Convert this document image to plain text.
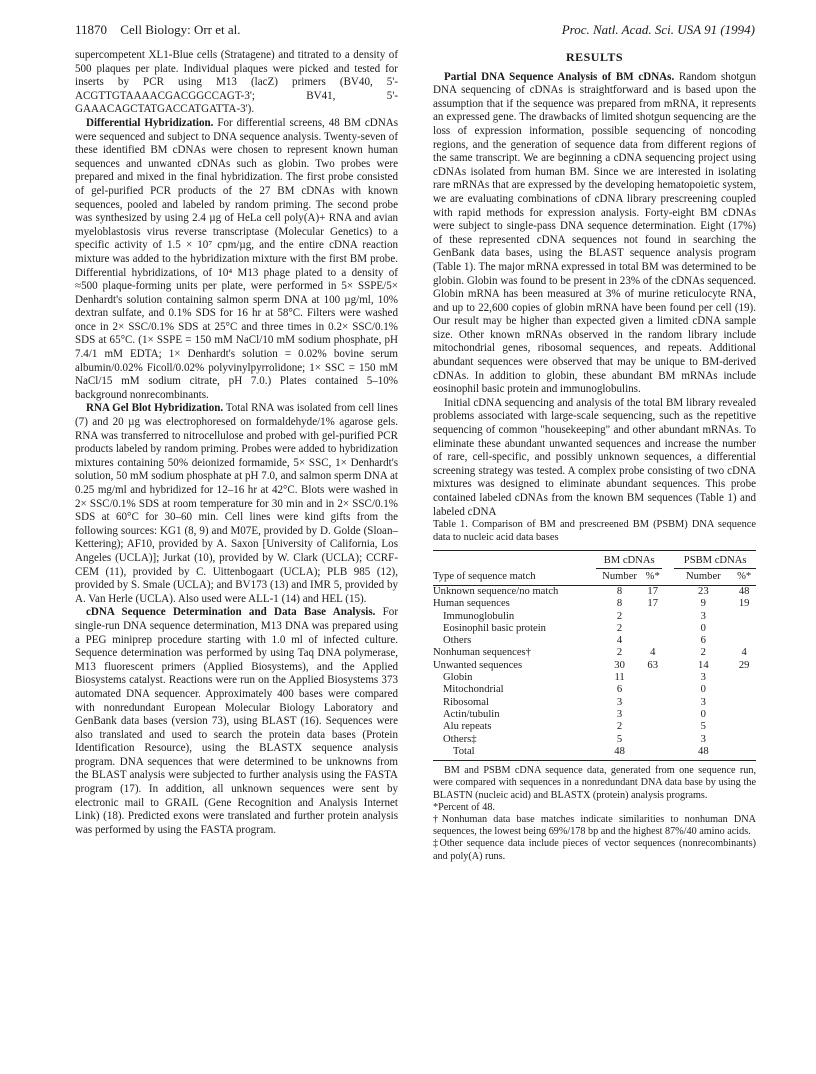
11870 Cell Biology: Orr et al.	Proc. Natl. Acad. Sci. USA 91 (1994)

supercompetent XL1-Blue cells (Stratagene) and titrated to a density of 500 plaques per plate. Individual plaques were picked and tested for inserts by PCR using M13 (lacZ) primers (BV40, 5'-ACGTTGTAAAACGACGGCCAGT-3'; BV41, 5'-GAAACAGCTATGACCATGATTA-3').

Differential Hybridization. For differential screens, 48 BM cDNAs were sequenced and subject to DNA sequence analysis. Twenty-seven of these identified BM cDNAs were chosen to represent known human sequences and unwanted cDNAs such as globin. Two probes were prepared and mixed in the final hybridization. The first probe consisted of gel-purified PCR products of the 27 BM cDNAs with known sequences, pooled and labeled by random priming. The second probe was synthesized by using 2.4 µg of HeLa cell poly(A)+ RNA and avian myeloblastosis virus reverse transcriptase (Molecular Genetics) to a specific activity of 1.5 × 10⁷ cpm/µg, and the entire cDNA reaction mixture was added to the hybridization mixture with the first BM probe. Differential hybridizations, of 10⁴ M13 phage plated to a density of ≈500 plaque-forming units per plate, were performed in 5× SSPE/5× Denhardt's solution containing salmon sperm DNA at 100 µg/ml, 10% dextran sulfate, and 0.1% SDS for 16 hr at 58°C. Filters were washed once in 2× SSC/0.1% SDS at 25°C and three times in 0.2× SSC/0.1% SDS at 65°C. (1× SSPE = 150 mM NaCl/10 mM sodium phosphate, pH 7.4/1 mM EDTA; 1× Denhardt's solution = 0.02% bovine serum albumin/0.02% Ficoll/0.02% polyvinylpyrrolidone; 1× SSC = 150 mM NaCl/15 mM sodium citrate, pH 7.0.) Plates contained 5–10% background nonrecombinants.

RNA Gel Blot Hybridization. Total RNA was isolated from cell lines (7) and 20 µg was electrophoresed on formaldehyde/1% agarose gels. RNA was transferred to nitrocellulose and probed with gel-purified PCR products labeled by random priming. Probes were added to hybridization mixtures containing 50% deionized formamide, 5× SSC, 1× Denhardt's solution, 50 mM sodium phosphate at pH 7.0, and salmon sperm DNA at 0.25 mg/ml and hybridized for 12–16 hr at 42°C. Blots were washed in 2× SSC/0.1% SDS at room temperature for 30 min and in 2× SSC/0.1% SDS at 60°C for 30–60 min. Cell lines were kind gifts from the following sources: KG1 (8, 9) and M07E, provided by D. Golde (Sloan–Kettering); AF10, provided by A. Saxon [University of California, Los Angeles (UCLA)]; Jurkat (10), provided by W. Clark (UCLA); CCRF-CEM (11), provided by C. Uittenbogaart (UCLA); PLB 985 (12), provided by S. Smale (UCLA); and BV173 (13) and IMR 5, provided by A. Van Herle (UCLA). Also used were ALL-1 (14) and HEL (15).

cDNA Sequence Determination and Data Base Analysis. For single-run DNA sequence determination, M13 DNA was prepared using a PEG miniprep procedure starting with 1.0 ml of infected culture. Sequence determination was performed by using Taq DNA polymerase, M13 fluorescent primers (Applied Biosystems), and the Applied Biosystems catalyst. Reactions were run on the Applied Biosystems 373 automated DNA sequencer. Approximately 400 bases were compared with nonredundant European Molecular Biology Laboratory and GenBank data bases (version 73), using BLAST (16). Sequences were also translated and used to search the protein data bases (Protein Identification Resource), using the BLASTX sequence analysis program. DNA sequences that were determined to be unknowns from the BLAST analysis were subjected to further analysis using the FASTA program (17). In addition, all unknown sequences were sent by electronic mail to GRAIL (Gene Recognition and Analysis Internet Link) (18). Predicted exons were translated and further protein analysis was performed by using the FASTA program.

RESULTS

Partial DNA Sequence Analysis of BM cDNAs. Random shotgun DNA sequencing of cDNAs is straightforward and is based upon the assumption that if the sequence was prepared from mRNA, it represents an expressed gene. The drawbacks of limited shotgun sequencing are the loss of expression information, possible sequencing of noncoding regions, and the generation of sequence data from different regions of the same transcript. We are beginning a cDNA sequencing project using cDNAs isolated from human BM. Since we are interested in isolating rare mRNAs that are expressed by the developing hematopoietic system, we are evaluating combinations of cDNA library prescreening coupled with rapid methods for expression analysis. Forty-eight BM cDNAs were subject to single-pass DNA sequence determination. Eight (17%) of these represented cDNA sequences not found in searching the GenBank data bases, using the BLAST sequence analysis program (Table 1). The major mRNA expressed in total BM was determined to be globin. Globin was found to be present in 23% of the cDNAs sequenced. Globin mRNA has been measured at 3% of murine reticulocyte RNA, and up to 22,600 copies of globin mRNA have been found per cell (19). Our result may be higher than expected given a limited cDNA sample size. Other known mRNAs observed in the random library include mitochondrial genes, ribosomal sequences, and repeats. Additional abundant sequences were observed that may be unique to BM-derived cDNAs. In addition to globin, these abundant BM mRNAs include eosinophil basic protein and immunoglobulins.

Initial cDNA sequencing and analysis of the total BM library revealed problems associated with large-scale sequencing, such as the repetitive sequencing of common "housekeeping" and other abundant mRNAs. To eliminate these abundant unwanted sequences and increase the number of rare, cell-specific, and possibly unknown sequences, a differential screening strategy was tested. A complex probe consisting of two cDNA mixtures was designed to eliminate abundant sequences. This probe contained labeled cDNAs from the known BM sequences (Table 1) and labeled cDNA

Table 1. Comparison of BM and prescreened BM (PSBM) DNA sequence data to nucleic acid data bases

	BM cDNAs			PSBM cDNAs	
Type of sequence match	Number	%*		Number	%*
Unknown sequence/no match	8	17		23	48
Human sequences	8	17		9	19
Immunoglobulin	2			3	
Eosinophil basic protein	2			0	
Others	4			6	
Nonhuman sequences†	2	4		2	4
Unwanted sequences	30	63		14	29
Globin	11			3	
Mitochondrial	6			0	
Ribosomal	3			3	
Actin/tubulin	3			0	
Alu repeats	2			5	
Others‡	5			3	
Total	48			48	

BM and PSBM cDNA sequence data, generated from one sequence run, were compared with sequences in a nonredundant DNA data base by using the BLASTN (nucleic acid) and BLASTX (protein) analysis programs.

*Percent of 48.

†Nonhuman data base matches indicate similarities to nonhuman DNA sequences, the lowest being 69%/178 bp and the highest 87%/40 amino acids.

‡Other sequence data include pieces of vector sequences (nonrecombinants) and poly(A) runs.
